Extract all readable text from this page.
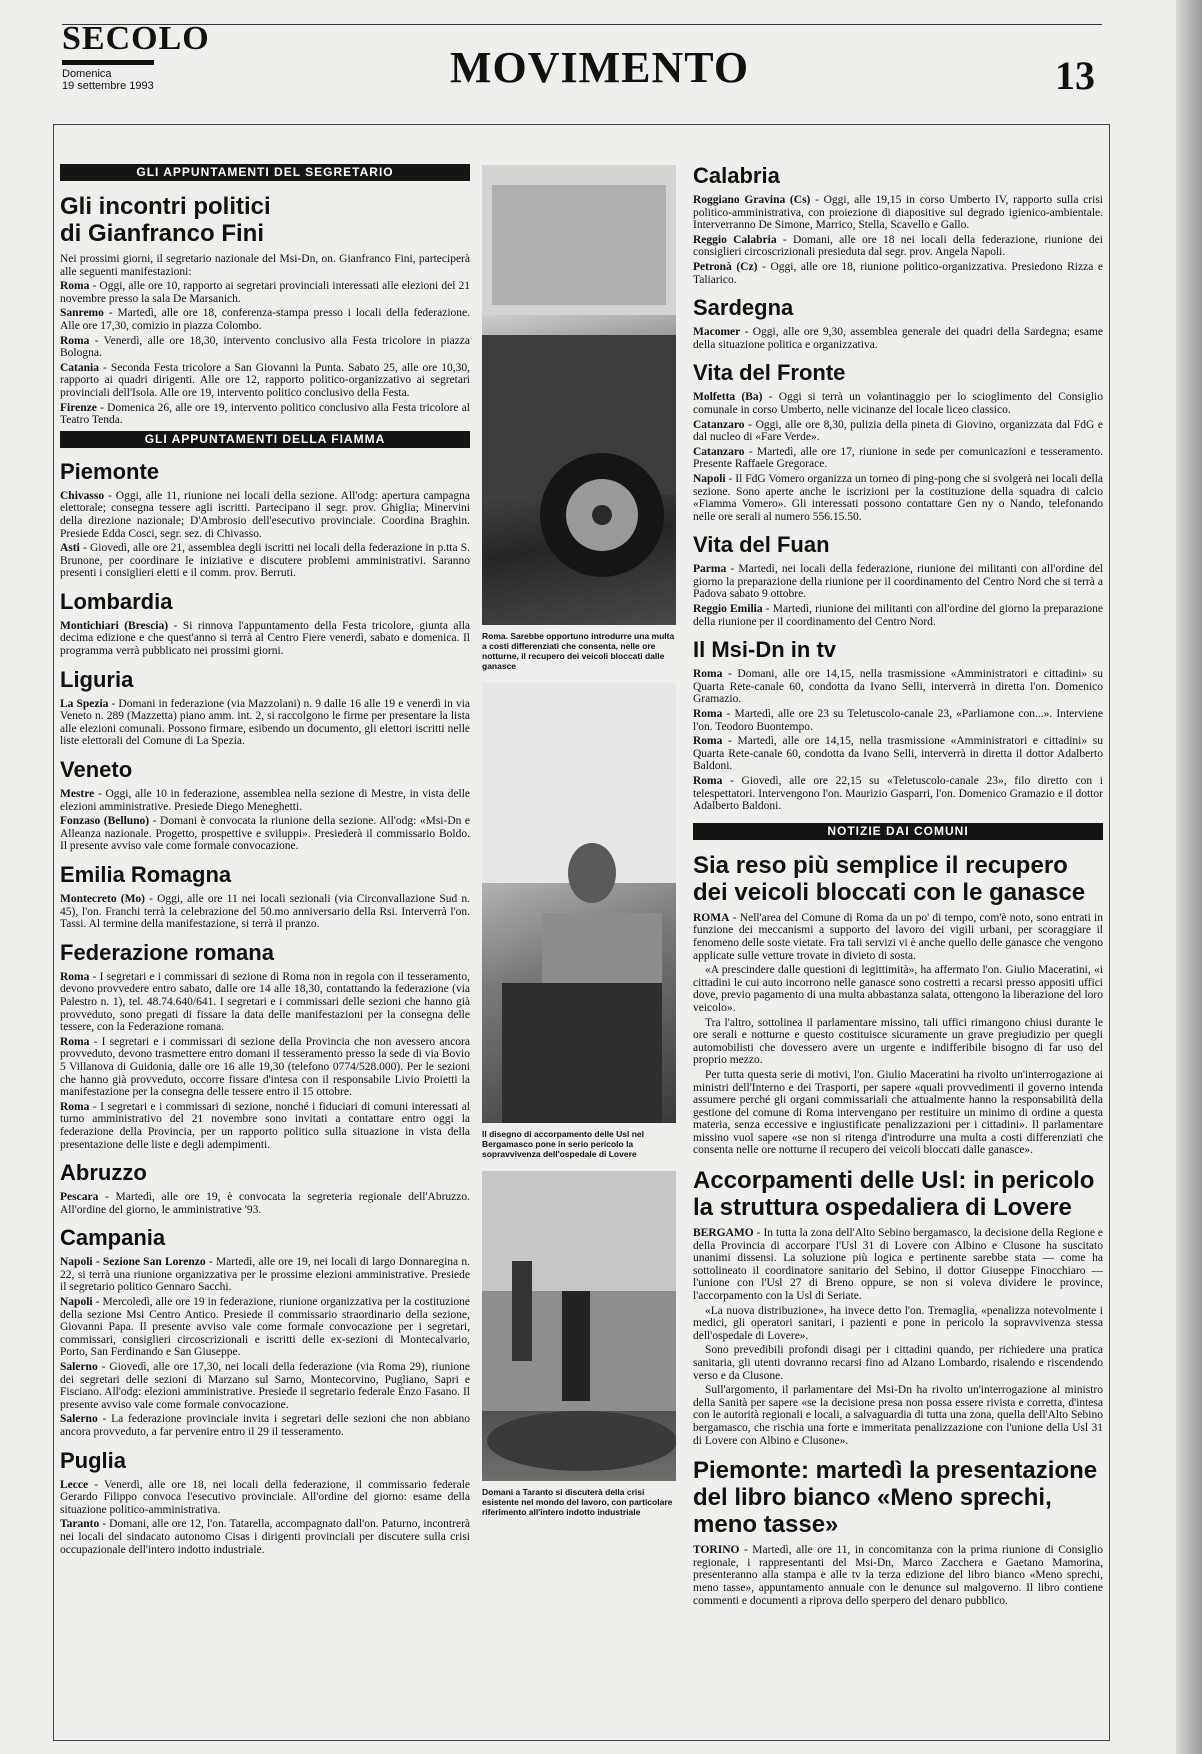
SECOLO
Domenica
19 settembre 1993	MOVIMENTO	13
GLI APPUNTAMENTI DEL SEGRETARIO
Gli incontri politici
di Gianfranco Fini
Nei prossimi giorni, il segretario nazionale del Msi-Dn, on. Gianfranco Fini, parteciperà alle seguenti manifestazioni:
Roma - Oggi, alle ore 10, rapporto ai segretari provinciali interessati alle elezioni del 21 novembre presso la sala De Marsanich.
Sanremo - Martedì, alle ore 18, conferenza-stampa presso i locali della federazione. Alle ore 17,30, comizio in piazza Colombo.
Roma - Venerdì, alle ore 18,30, intervento conclusivo alla Festa tricolore in piazza Bologna.
Catania - Seconda Festa tricolore a San Giovanni la Punta. Sabato 25, alle ore 10,30, rapporto ai quadri dirigenti. Alle ore 12, rapporto politico-organizzativo ai segretari provinciali dell'Isola. Alle ore 19, intervento politico conclusivo della Festa.
Firenze - Domenica 26, alle ore 19, intervento politico conclusivo alla Festa tricolore al Teatro Tenda.
GLI APPUNTAMENTI DELLA FIAMMA
Piemonte
Chivasso - Oggi, alle 11, riunione nei locali della sezione. All'odg: apertura campagna elettorale; consegna tessere agli iscritti. Partecipano il segr. prov. Ghiglia; Minervini della direzione nazionale; D'Ambrosio dell'esecutivo provinciale. Coordina Braghin. Presiede Edda Cosci, segr. sez. di Chivasso.
Asti - Giovedì, alle ore 21, assemblea degli iscritti nei locali della federazione in p.tta S. Brunone, per coordinare le iniziative e discutere problemi amministrativi. Saranno presenti i consiglieri eletti e il comm. prov. Berruti.
Lombardia
Montichiari (Brescia) - Si rinnova l'appuntamento della Festa tricolore, giunta alla decima edizione e che quest'anno si terrà al Centro Fiere venerdì, sabato e domenica. Il programma verrà pubblicato nei prossimi giorni.
Liguria
La Spezia - Domani in federazione (via Mazzolani) n. 9 dalle 16 alle 19 e venerdì in via Veneto n. 289 (Mazzetta) piano amm. int. 2, si raccolgono le firme per presentare la lista alle elezioni comunali. Possono firmare, esibendo un documento, gli elettori iscritti nelle liste elettorali del Comune di La Spezia.
Veneto
Mestre - Oggi, alle 10 in federazione, assemblea nella sezione di Mestre, in vista delle elezioni amministrative. Presiede Diego Meneghetti.
Fonzaso (Belluno) - Domani è convocata la riunione della sezione. All'odg: «Msi-Dn e Alleanza nazionale. Progetto, prospettive e sviluppi». Presiederà il commissario Boldo. Il presente avviso vale come formale convocazione.
Emilia Romagna
Montecreto (Mo) - Oggi, alle ore 11 nei locali sezionali (via Circonvallazione Sud n. 45), l'on. Franchi terrà la celebrazione del 50.mo anniversario della Rsi. Interverrà l'on. Tassi. Al termine della manifestazione, si terrà il pranzo.
Federazione romana
Roma - I segretari e i commissari di sezione di Roma non in regola con il tesseramento, devono provvedere entro sabato, dalle ore 14 alle 18,30, contattando la federazione (via Palestro n. 1), tel. 48.74.640/641. I segretari e i commissari delle sezioni che hanno già provveduto, sono pregati di fissare la data delle manifestazioni per la consegna delle tessere, con la Federazione romana.
Roma - I segretari e i commissari di sezione della Provincia che non avessero ancora provveduto, devono trasmettere entro domani il tesseramento presso la sede di via Bovio 5 Villanova di Guidonia, dalle ore 16 alle 19,30 (telefono 0774/528.000). Per le sezioni che hanno già provveduto, occorre fissare d'intesa con il responsabile Livio Proietti la manifestazione per la consegna delle tessere entro il 15 ottobre.
Roma - I segretari e i commissari di sezione, nonché i fiduciari di comuni interessati al turno amministrativo del 21 novembre sono invitati a contattare entro oggi la federazione della Provincia, per un rapporto politico sulla situazione in vista della presentazione delle liste e degli adempimenti.
Abruzzo
Pescara - Martedì, alle ore 19, è convocata la segreteria regionale dell'Abruzzo. All'ordine del giorno, le amministrative '93.
Campania
Napoli - Sezione San Lorenzo - Martedì, alle ore 19, nei locali di largo Donnaregina n. 22, si terrà una riunione organizzativa per le prossime elezioni amministrative. Presiede il segretario politico Gennaro Sacchi.
Napoli - Mercoledì, alle ore 19 in federazione, riunione organizzativa per la costituzione della sezione Msi Centro Antico. Presiede il commissario straordinario della sezione, Giovanni Papa. Il presente avviso vale come formale convocazione per i segretari, commissari, consiglieri circoscrizionali e iscritti delle ex-sezioni di Montecalvario, Porto, San Ferdinando e San Giuseppe.
Salerno - Giovedì, alle ore 17,30, nei locali della federazione (via Roma 29), riunione dei segretari delle sezioni di Marzano sul Sarno, Montecorvino, Puglianо, Sapri e Fisciano. All'odg: elezioni amministrative. Presiede il segretario federale Enzo Fasano. Il presente avviso vale come formale convocazione.
Salerno - La federazione provinciale invita i segretari delle sezioni che non abbiano ancora provveduto, a far pervenire entro il 29 il tesseramento.
Puglia
Lecce - Venerdì, alle ore 18, nei locali della federazione, il commissario federale Gerardo Filippo convoca l'esecutivo provinciale. All'ordine del giorno: esame della situazione politico-amministrativa.
Taranto - Domani, alle ore 12, l'on. Tatarella, accompagnato dall'on. Paturno, incontrerà nei locali del sindacato autonomo Cisas i dirigenti provinciali per discutere sulla crisi occupazionale dell'intero indotto industriale.
Roma. Sarebbe opportuno introdurre una multa a costi differenziati che consenta, nelle ore notturne, il recupero dei veicoli bloccati dalle ganasce
Il disegno di accorpamento delle Usl nel Bergamasco pone in serio pericolo la sopravvivenza dell'ospedale di Lovere
Domani a Taranto si discuterà della crisi esistente nel mondo del lavoro, con particolare riferimento all'intero indotto industriale
Calabria
Roggiano Gravina (Cs) - Oggi, alle 19,15 in corso Umberto IV, rapporto sulla crisi politico-amministrativa, con proiezione di diapositive sul degrado igienico-ambientale. Interverranno De Simone, Marrico, Stella, Scavello e Gallo.
Reggio Calabria - Domani, alle ore 18 nei locali della federazione, riunione dei consiglieri circoscrizionali presieduta dal segr. prov. Angela Napoli.
Petronà (Cz) - Oggi, alle ore 18, riunione politico-organizzativa. Presiedono Rizza e Taliarico.
Sardegna
Macomer - Oggi, alle ore 9,30, assemblea generale dei quadri della Sardegna; esame della situazione politica e organizzativa.
Vita del Fronte
Molfetta (Ba) - Oggi si terrà un volantinaggio per lo scioglimento del Consiglio comunale in corso Umberto, nelle vicinanze del locale liceo classico.
Catanzaro - Oggi, alle ore 8,30, pulizia della pineta di Giovino, organizzata dal FdG e dal nucleo di «Fare Verde».
Catanzaro - Martedì, alle ore 17, riunione in sede per comunicazioni e tesseramento. Presente Raffaele Gregorace.
Napoli - Il FdG Vomero organizza un torneo di ping-pong che si svolgerà nei locali della sezione. Sono aperte anche le iscrizioni per la costituzione della squadra di calcio «Fiamma Vomero». Gli interessati possono contattare Gen ny o Nando, telefonando nelle ore serali al numero 556.15.50.
Vita del Fuan
Parma - Martedì, nei locali della federazione, riunione dei militanti con all'ordine del giorno la preparazione della riunione per il coordinamento del Centro Nord che si terrà a Padova sabato 9 ottobre.
Reggio Emilia - Martedì, riunione dei militanti con all'ordine del giorno la preparazione della riunione per il coordinamento del Centro Nord.
Il Msi-Dn in tv
Roma - Domani, alle ore 14,15, nella trasmissione «Amministratori e cittadini» su Quarta Rete-canale 60, condotta da Ivano Selli, interverrà in diretta l'on. Domenico Gramazio.
Roma - Martedì, alle ore 23 su Teletuscolo-canale 23, «Parliamone con...». Interviene l'on. Teodoro Buontempo.
Roma - Martedì, alle ore 14,15, nella trasmissione «Amministratori e cittadini» su Quarta Rete-canale 60, condotta da Ivano Selli, interverrà in diretta il dottor Adalberto Baldoni.
Roma - Giovedì, alle ore 22,15 su «Teletuscolo-canale 23», filo diretto con i telespettatori. Intervengono l'on. Maurizio Gasparri, l'on. Domenico Gramazio e il dottor Adalberto Baldoni.
NOTIZIE DAI COMUNI
Sia reso più semplice il recupero
dei veicoli bloccati con le ganasce
ROMA - Nell'area del Comune di Roma da un po' di tempo, com'è noto, sono entrati in funzione dei meccanismi a supporto del lavoro dei vigili urbani, per scoraggiare il fenomeno delle soste vietate. Fra tali servizi vi è anche quello delle ganasce che vengono applicate sulle vetture trovate in divieto di sosta.
«A prescindere dalle questioni di legittimità», ha affermato l'on. Giulio Maceratini, «i cittadini le cui auto incorrono nelle ganasce sono costretti a recarsi presso appositi uffici dove, previo pagamento di una multa abbastanza salata, ottengono la liberazione del loro veicolo».
Tra l'altro, sottolinea il parlamentare missino, tali uffici rimangono chiusi durante le ore serali e notturne e questo costituisce sicuramente un grave pregiudizio per quegli automobilisti che dovessero avere un urgente e indifferibile bisogno di far uso del proprio mezzo.
Per tutta questa serie di motivi, l'on. Giulio Maceratini ha rivolto un'interrogazione ai ministri dell'Interno e dei Trasporti, per sapere «quali provvedimenti il governo intenda assumere perché gli organi commissariali che attualmente hanno la responsabilità della gestione del comune di Roma intervengano per restituire un minimo di ordine a questa materia, senza eccessive e ingiustificate penalizzazioni per i cittadini». Il parlamentare missino vuol sapere «se non si ritenga d'introdurre una multa a costi differenziati che consenta nelle ore notturne il recupero dei veicoli bloccati dalle ganasce».
Accorpamenti delle Usl: in pericolo
la struttura ospedaliera di Lovere
BERGAMO - In tutta la zona dell'Alto Sebino bergamasco, la decisione della Regione e della Provincia di accorpare l'Usl 31 di Lovere con Albino e Clusone ha suscitato unanimi dissensi. La soluzione più logica e pertinente sarebbe stata — come ha sottolineato il coordinatore sanitario del Sebino, il dottor Giuseppe Finocchiaro — l'unione con l'Usl 27 di Breno oppure, se non si voleva dividere le province, l'accorpamento con la Usl di Seriate.
«La nuova distribuzione», ha invece detto l'on. Tremaglia, «penalizza notevolmente i medici, gli operatori sanitari, i pazienti e pone in pericolo la sopravvivenza stessa dell'ospedale di Lovere».
Sono prevedibili profondi disagi per i cittadini quando, per richiedere una pratica sanitaria, gli utenti dovranno recarsi fino ad Alzano Lombardo, risalendo e riscendendo verso e da Clusone.
Sull'argomento, il parlamentare del Msi-Dn ha rivolto un'interrogazione al ministro della Sanità per sapere «se la decisione presa non possa essere rivista e corretta, d'intesa con le autorità regionali e locali, a salvaguardia di tutta una zona, quella dell'Alto Sebino bergamasco, che rischia una forte e immeritata penalizzazione con l'unione della Usl 31 di Lovere con Albino e Clusone».
Piemonte: martedì la presentazione
del libro bianco «Meno sprechi, meno tasse»
TORINO - Martedì, alle ore 11, in concomitanza con la prima riunione di Consiglio regionale, i rappresentanti del Msi-Dn, Marco Zacchera e Gaetano Mamorina, presenteranno alla stampa e alle tv la terza edizione del libro bianco «Meno sprechi, meno tasse», appuntamento annuale con le denunce sul malgoverno. Il libro contiene commenti e documenti a riprova dello sperpero del denaro pubblico.
